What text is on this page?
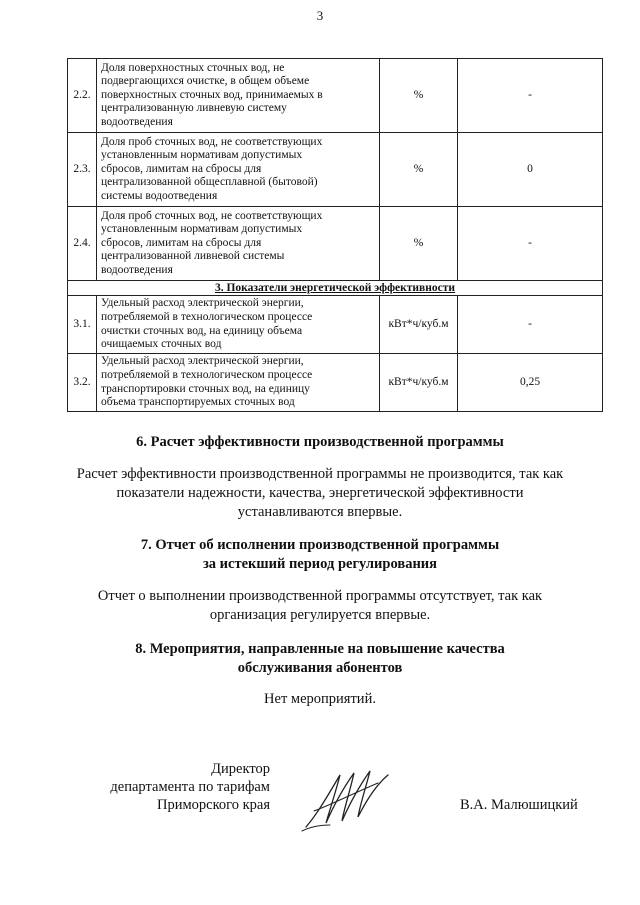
3
2.2.	Доля поверхностных сточных вод, не
подвергающихся очистке, в общем объеме
поверхностных сточных вод, принимаемых в
централизованную ливневую систему
водоотведения	%	-
2.3.	Доля проб сточных вод, не соответствующих
установленным нормативам допустимых
сбросов, лимитам на сбросы для
централизованной общесплавной (бытовой)
системы водоотведения	%	0
2.4.	Доля проб сточных вод, не соответствующих
установленным нормативам допустимых
сбросов, лимитам на сбросы для
централизованной ливневой системы
водоотведения	%	-
3. Показатели энергетической эффективности			
3.1.	Удельный расход электрической энергии,
потребляемой в технологическом процессе
очистки сточных вод, на единицу объема
очищаемых сточных вод	кВт*ч/куб.м	-
3.2.	Удельный расход электрической энергии,
потребляемой в технологическом процессе
транспортировки сточных вод, на единицу
объема транспортируемых сточных вод	кВт*ч/куб.м	0,25
6. Расчет эффективности производственной программы
Расчет эффективности производственной программы не производится, так как
показатели надежности, качества, энергетической эффективности
устанавливаются впервые.
7. Отчет об исполнении производственной программы
за истекший период регулирования
Отчет о выполнении производственной программы отсутствует, так как
организация регулируется впервые.
8. Мероприятия, направленные на повышение качества
обслуживания абонентов
Нет мероприятий.
Директор
департамента по тарифам
Приморского края	В.А. Малюшицкий
